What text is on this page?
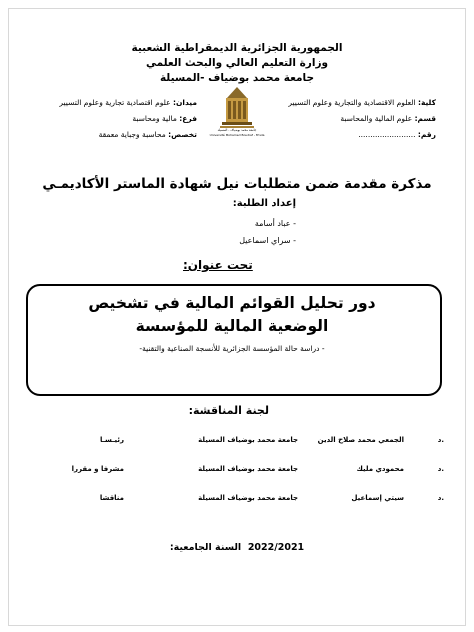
الجمهورية الجزائرية الديمقراطية الشعبية
وزارة التعليم العالي والبحث العلمي
جامعة محمد بوضياف -المسيلة
كلية: العلوم الاقتصادية والتجارية وعلوم التسيير
قسم: علوم المالية والمحاسبة
رقم: ........................
جامعة محمد بوضياف - المسيلة
Université Mohamed Boudiaf - M'sila
ميدان: علوم اقتصادية تجارية وعلوم التسيير
فرع: مالية ومحاسبة
تخصص: محاسبة وجباية معمقة
مذكرة مقدمة ضمن متطلبات نيل شهادة الماستر الأكاديمـي
إعداد الطلبة:
- عباد أسامة
- سراي اسماعيل
تحت عنوان:
دور تحليل القوائم المالية في تشخيص
الوضعية المالية للمؤسسة
- دراسة حالة المؤسسة الجزائرية للأنسجة الصناعية والتقنية-
لجنة المناقشة:
د.
الجمعي محمد صلاح الدين
جامعة محمد بوضياف المسيلة
رئيـسـا
د.
محمودي مليك
جامعة محمد بوضياف المسيلة
مشرفا و مقررا
د.
سيتي إسماعيل
جامعة محمد بوضياف المسيلة
مناقشا
السنة الجامعية: 2022/2021
